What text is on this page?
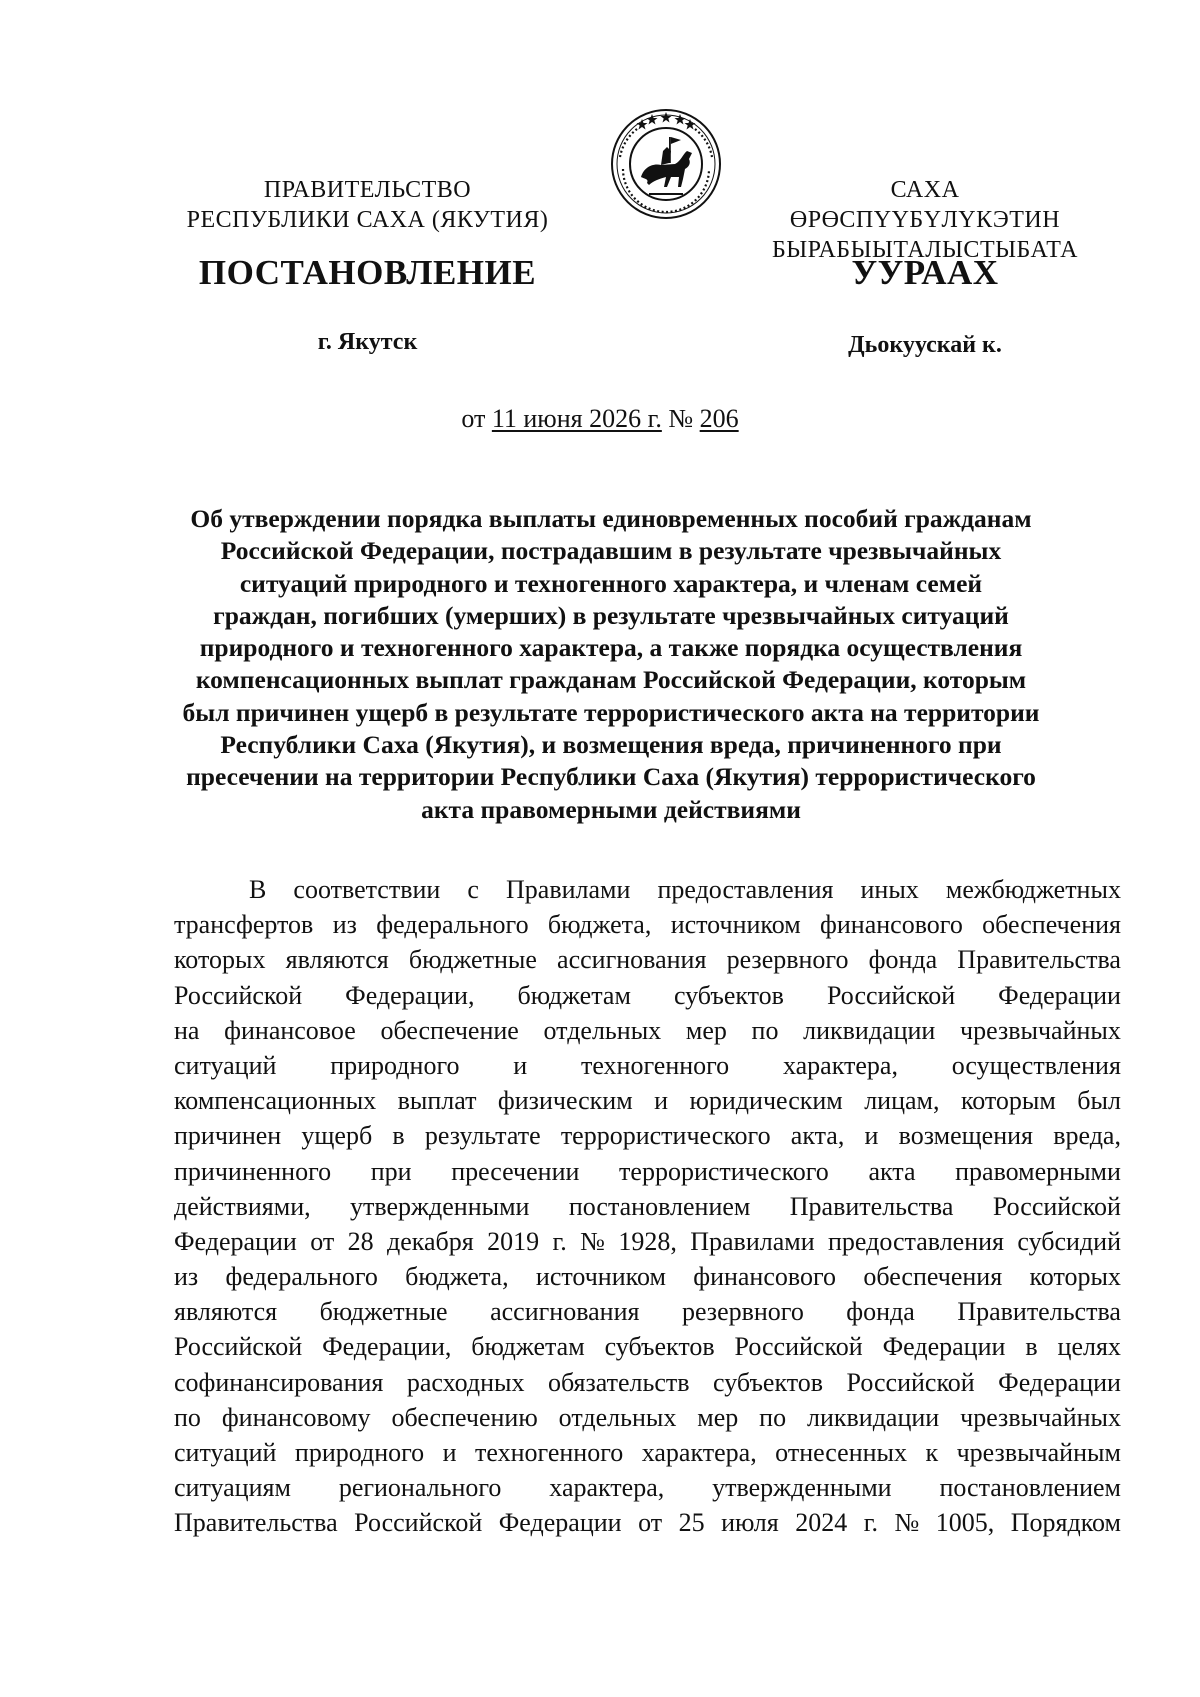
ПРАВИТЕЛЬСТВО
РЕСПУБЛИКИ САХА (ЯКУТИЯ)
САХА ӨРӨСПҮҮБҮЛҮКЭТИН
БЫРАБЫЫТАЛЫСТЫБАТА
ПОСТАНОВЛЕНИЕ	УУРААХ
г. Якутск	Дьокуускай к.
от 11 июня 2026 г. № 206
Об утверждении порядка выплаты единовременных пособий гражданам
Российской Федерации, пострадавшим в результате чрезвычайных
ситуаций природного и техногенного характера, и членам семей
граждан, погибших (умерших) в результате чрезвычайных ситуаций
природного и техногенного характера, а также порядка осуществления
компенсационных выплат гражданам Российской Федерации, которым
был причинен ущерб в результате террористического акта на территории
Республики Саха (Якутия), и возмещения вреда, причиненного при
пресечении на территории Республики Саха (Якутия) террористического
акта правомерными действиями
В соответствии с Правилами предоставления иных межбюджетных
трансфертов из федерального бюджета, источником финансового обеспечения
которых являются бюджетные ассигнования резервного фонда Правительства
Российской Федерации, бюджетам субъектов Российской Федерации
на финансовое обеспечение отдельных мер по ликвидации чрезвычайных
ситуаций природного и техногенного характера, осуществления
компенсационных выплат физическим и юридическим лицам, которым был
причинен ущерб в результате террористического акта, и возмещения вреда,
причиненного при пресечении террористического акта правомерными
действиями, утвержденными постановлением Правительства Российской
Федерации от 28 декабря 2019 г. № 1928, Правилами предоставления субсидий
из федерального бюджета, источником финансового обеспечения которых
являются бюджетные ассигнования резервного фонда Правительства
Российской Федерации, бюджетам субъектов Российской Федерации в целях
софинансирования расходных обязательств субъектов Российской Федерации
по финансовому обеспечению отдельных мер по ликвидации чрезвычайных
ситуаций природного и техногенного характера, отнесенных к чрезвычайным
ситуациям регионального характера, утвержденными постановлением
Правительства Российской Федерации от 25 июля 2024 г. № 1005, Порядком
